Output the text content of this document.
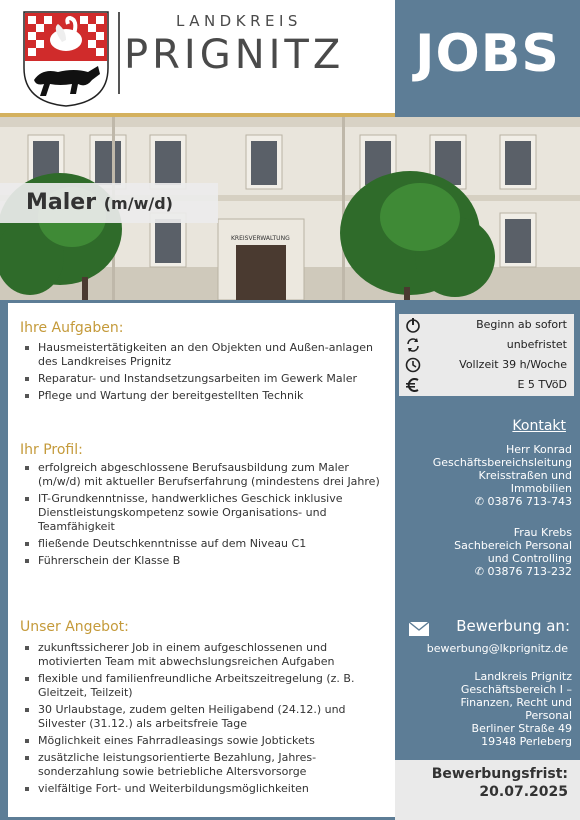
LANDKREIS
PRIGNITZ	JOBS
KREISVERWALTUNG
Maler (m/w/d)
Ihre Aufgaben:
Hausmeistertätigkeiten an den Objekten und Außen-anlagen des Landkreises Prignitz
Reparatur- und Instandsetzungsarbeiten im Gewerk Maler
Pflege und Wartung der bereitgestellten Technik
Ihr Profil:
erfolgreich abgeschlossene Berufsausbildung zum Maler (m/w/d) mit aktueller Berufserfahrung (mindestens drei Jahre)
IT-Grundkenntnisse, handwerkliches Geschick inklusive Dienstleistungskompetenz sowie Organisations- und Teamfähigkeit
fließende Deutschkenntnisse auf dem Niveau C1
Führerschein der Klasse B
Unser Angebot:
zukunftssicherer Job in einem aufgeschlossenen und motivierten Team mit abwechslungsreichen Aufgaben
flexible und familienfreundliche Arbeitszeitregelung (z. B. Gleitzeit, Teilzeit)
30 Urlaubstage, zudem gelten Heiligabend (24.12.) und Silvester (31.12.) als arbeitsfreie Tage
Möglichkeit eines Fahrradleasings sowie Jobtickets
zusätzliche leistungsorientierte Bezahlung, Jahres-sonderzahlung sowie betriebliche Altersvorsorge
vielfältige Fort- und Weiterbildungsmöglichkeiten
Beginn ab sofort
unbefristet
Vollzeit 39 h/Woche
E 5 TVöD
Kontakt
Herr Konrad
Geschäftsbereichsleitung
Kreisstraßen und
Immobilien
✆ 03876 713-743
Frau Krebs
Sachbereich Personal
und Controlling
✆ 03876 713-232
Bewerbung an:
bewerbung@lkprignitz.de
Landkreis Prignitz
Geschäftsbereich I –
Finanzen, Recht und
Personal
Berliner Straße 49
19348 Perleberg
Bewerbungsfrist:
20.07.2025
